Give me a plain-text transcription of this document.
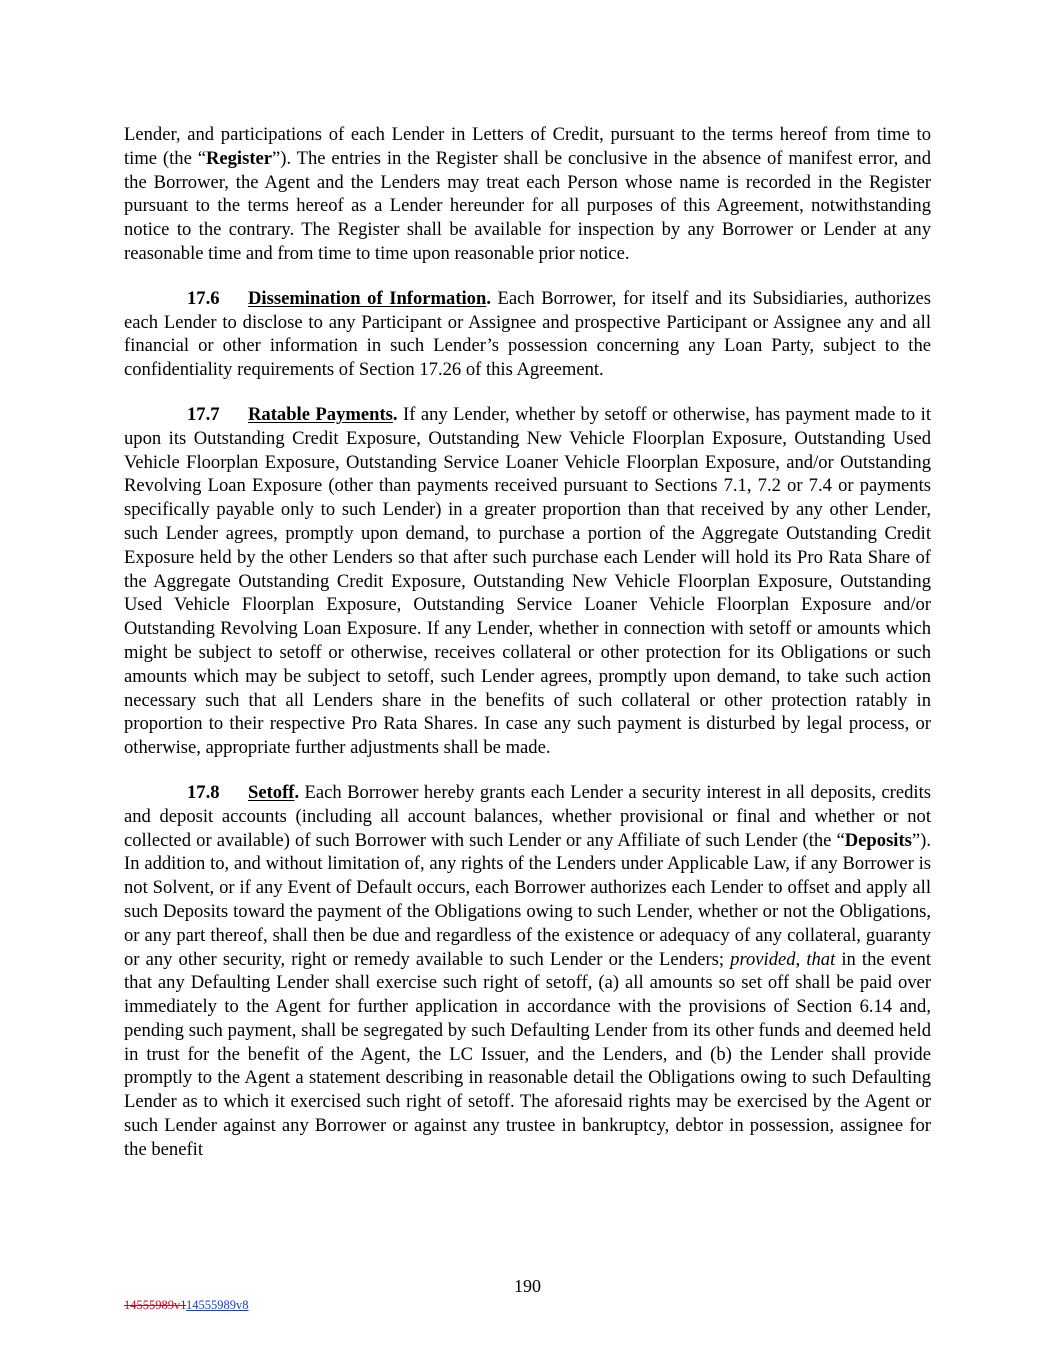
Lender, and participations of each Lender in Letters of Credit, pursuant to the terms hereof from time to time (the “Register”). The entries in the Register shall be conclusive in the absence of manifest error, and the Borrower, the Agent and the Lenders may treat each Person whose name is recorded in the Register pursuant to the terms hereof as a Lender hereunder for all purposes of this Agreement, notwithstanding notice to the contrary. The Register shall be available for inspection by any Borrower or Lender at any reasonable time and from time to time upon reasonable prior notice.

17.6 Dissemination of Information. Each Borrower, for itself and its Subsidiaries, authorizes each Lender to disclose to any Participant or Assignee and prospective Participant or Assignee any and all financial or other information in such Lender’s possession concerning any Loan Party, subject to the confidentiality requirements of Section 17.26 of this Agreement.

17.7 Ratable Payments. If any Lender, whether by setoff or otherwise, has payment made to it upon its Outstanding Credit Exposure, Outstanding New Vehicle Floorplan Exposure, Outstanding Used Vehicle Floorplan Exposure, Outstanding Service Loaner Vehicle Floorplan Exposure, and/or Outstanding Revolving Loan Exposure (other than payments received pursuant to Sections 7.1, 7.2 or 7.4 or payments specifically payable only to such Lender) in a greater proportion than that received by any other Lender, such Lender agrees, promptly upon demand, to purchase a portion of the Aggregate Outstanding Credit Exposure held by the other Lenders so that after such purchase each Lender will hold its Pro Rata Share of the Aggregate Outstanding Credit Exposure, Outstanding New Vehicle Floorplan Exposure, Outstanding Used Vehicle Floorplan Exposure, Outstanding Service Loaner Vehicle Floorplan Exposure and/or Outstanding Revolving Loan Exposure. If any Lender, whether in connection with setoff or amounts which might be subject to setoff or otherwise, receives collateral or other protection for its Obligations or such amounts which may be subject to setoff, such Lender agrees, promptly upon demand, to take such action necessary such that all Lenders share in the benefits of such collateral or other protection ratably in proportion to their respective Pro Rata Shares. In case any such payment is disturbed by legal process, or otherwise, appropriate further adjustments shall be made.

17.8 Setoff. Each Borrower hereby grants each Lender a security interest in all deposits, credits and deposit accounts (including all account balances, whether provisional or final and whether or not collected or available) of such Borrower with such Lender or any Affiliate of such Lender (the “Deposits”). In addition to, and without limitation of, any rights of the Lenders under Applicable Law, if any Borrower is not Solvent, or if any Event of Default occurs, each Borrower authorizes each Lender to offset and apply all such Deposits toward the payment of the Obligations owing to such Lender, whether or not the Obligations, or any part thereof, shall then be due and regardless of the existence or adequacy of any collateral, guaranty or any other security, right or remedy available to such Lender or the Lenders; provided, that in the event that any Defaulting Lender shall exercise such right of setoff, (a) all amounts so set off shall be paid over immediately to the Agent for further application in accordance with the provisions of Section 6.14 and, pending such payment, shall be segregated by such Defaulting Lender from its other funds and deemed held in trust for the benefit of the Agent, the LC Issuer, and the Lenders, and (b) the Lender shall provide promptly to the Agent a statement describing in reasonable detail the Obligations owing to such Defaulting Lender as to which it exercised such right of setoff. The aforesaid rights may be exercised by the Agent or such Lender against any Borrower or against any trustee in bankruptcy, debtor in possession, assignee for the benefit

190
14555989v114555989v8
